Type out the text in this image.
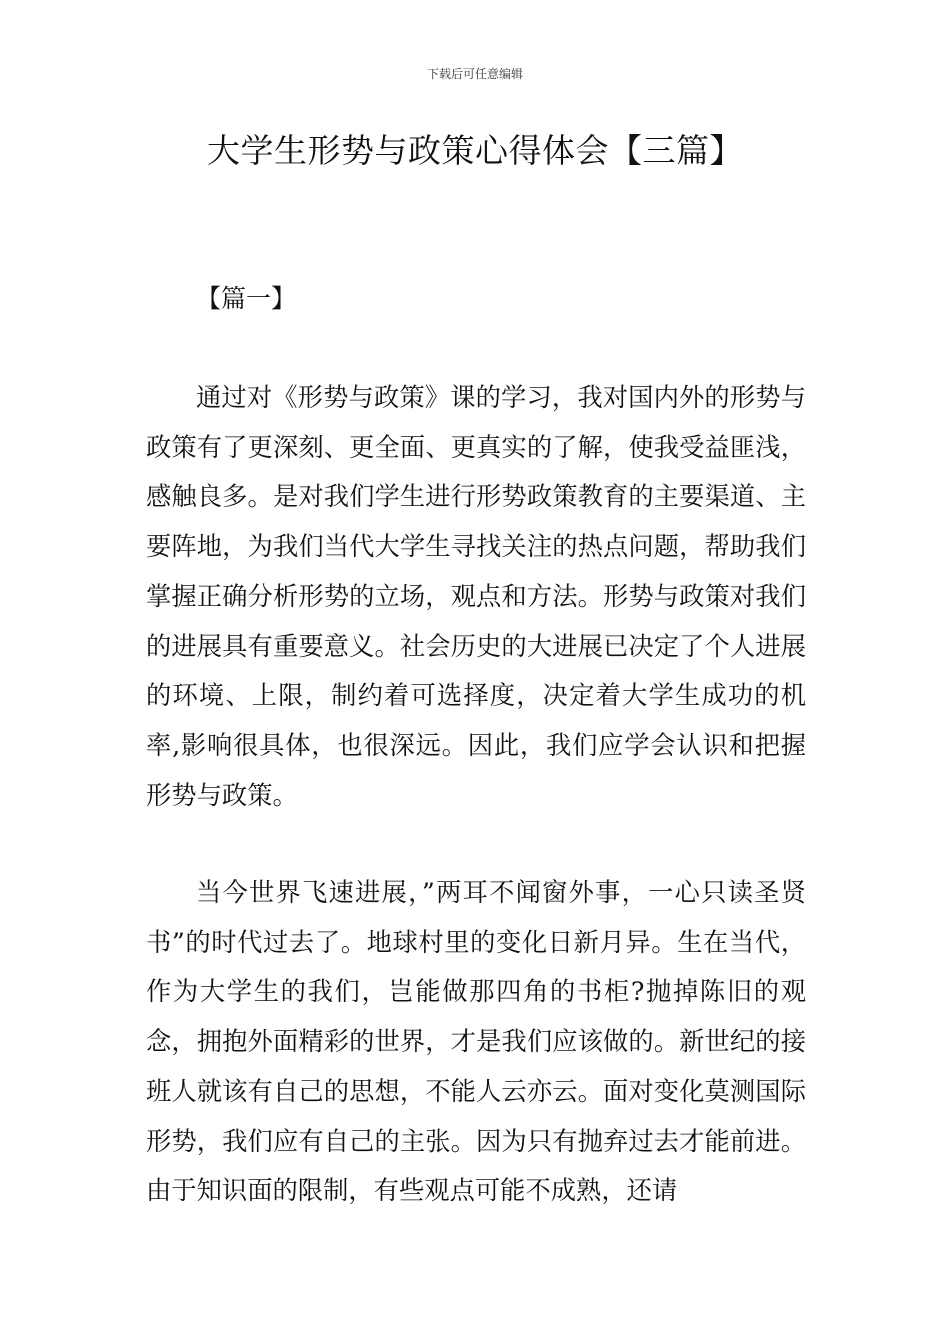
下载后可任意编辑
大学生形势与政策心得体会【三篇】
【篇一】

通过对《形势与政策》课的学习，我对国内外的形势与政策有了更深刻、更全面、更真实的了解，使我受益匪浅，感触良多。是对我们学生进行形势政策教育的主要渠道、主要阵地，为我们当代大学生寻找关注的热点问题，帮助我们掌握正确分析形势的立场，观点和方法。形势与政策对我们的进展具有重要意义。社会历史的大进展已决定了个人进展的环境、上限，制约着可选择度，决定着大学生成功的机率,影响很具体，也很深远。因此，我们应学会认识和把握形势与政策。

当今世界飞速进展，”两耳不闻窗外事，一心只读圣贤书”的时代过去了。地球村里的变化日新月异。生在当代，作为大学生的我们，岂能做那四角的书柜?抛掉陈旧的观念，拥抱外面精彩的世界，才是我们应该做的。新世纪的接班人就该有自己的思想，不能人云亦云。面对变化莫测国际形势，我们应有自己的主张。因为只有抛弃过去才能前进。由于知识面的限制，有些观点可能不成熟，还请
